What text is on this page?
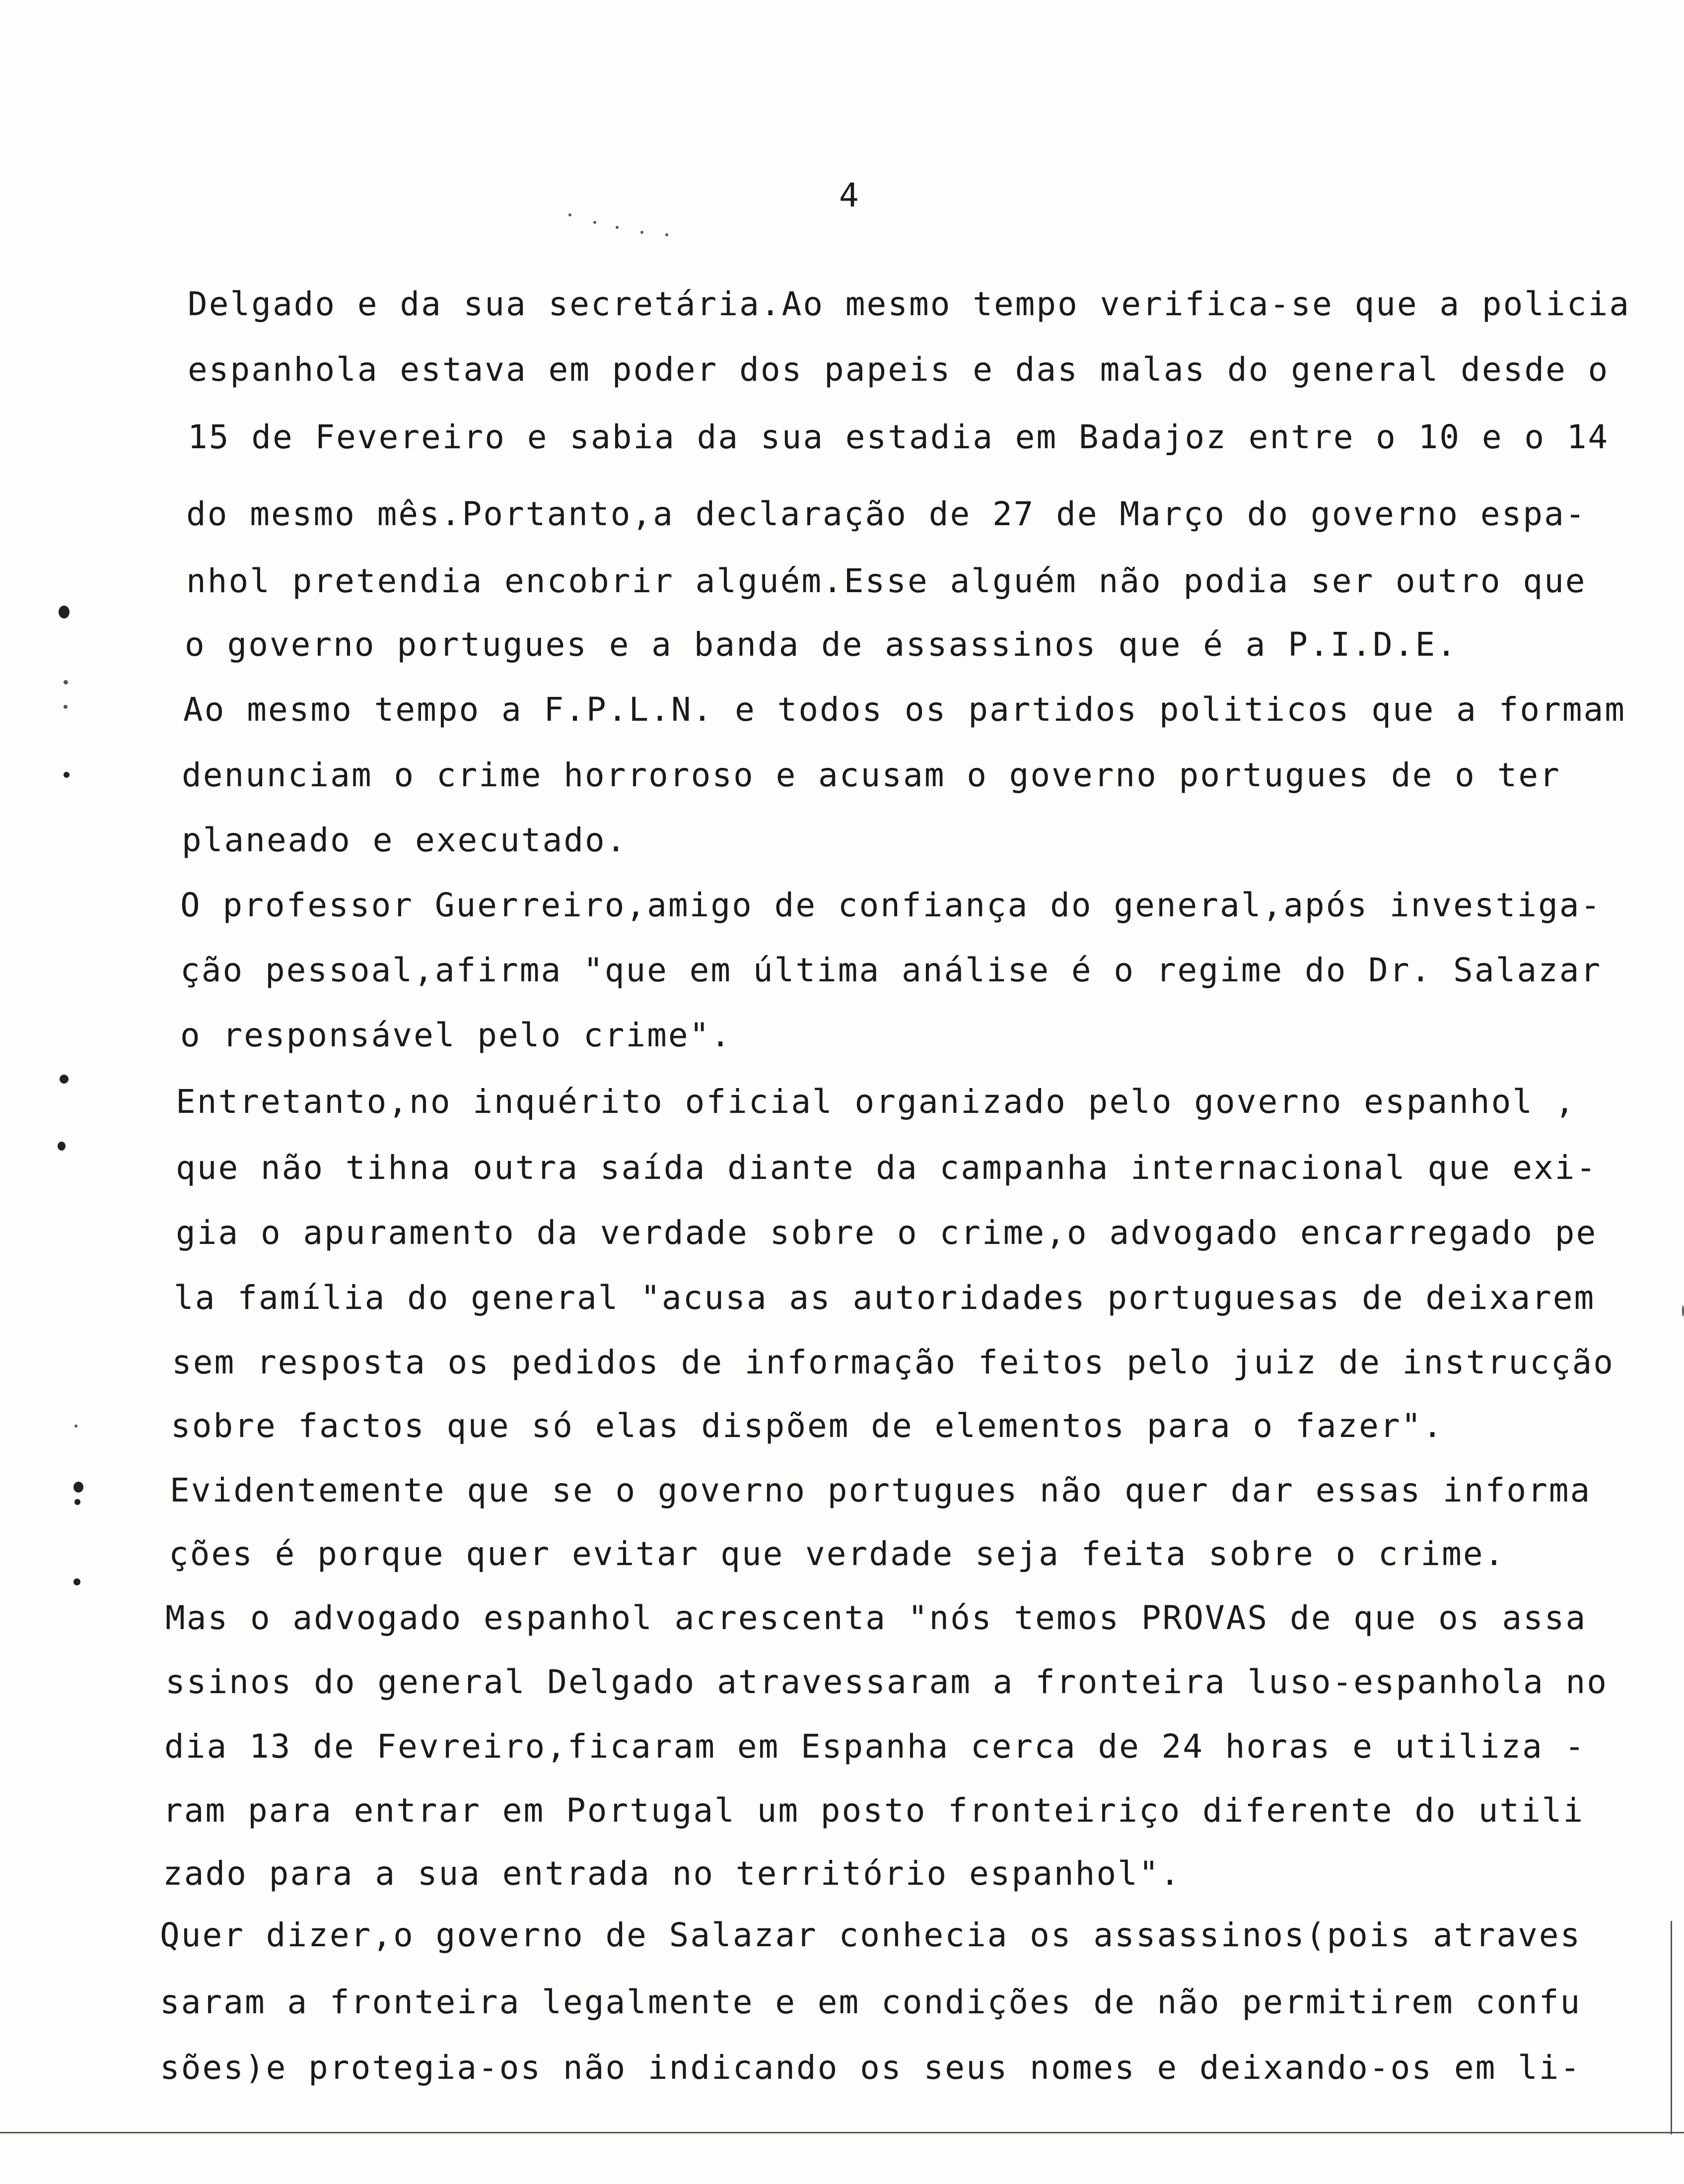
4
Delgado e da sua secretária.Ao mesmo tempo verifica-se que a policia
espanhola estava em poder dos papeis e das malas do general desde o
15 de Fevereiro e sabia da sua estadia em Badajoz entre o 10 e o 14
do mesmo mês.Portanto,a declaração de 27 de Março do governo espa-
nhol pretendia encobrir alguém.Esse alguém não podia ser outro que
o governo portugues e a banda de assassinos que é a P.I.D.E.
Ao mesmo tempo a F.P.L.N. e todos os partidos politicos que a formam
denunciam o crime horroroso e acusam o governo portugues de o ter
planeado e executado.
O professor Guerreiro,amigo de confiança do general,após investiga-
ção pessoal,afirma "que em última análise é o regime do Dr. Salazar
o responsável pelo crime".
Entretanto,no inquérito oficial organizado pelo governo espanhol ,
que não tihna outra saída diante da campanha internacional que exi-
gia o apuramento da verdade sobre o crime,o advogado encarregado pe
la família do general "acusa as autoridades portuguesas de deixarem
sem resposta os pedidos de informação feitos pelo juiz de instrucção
sobre factos que só elas dispõem de elementos para o fazer".
Evidentemente que se o governo portugues não quer dar essas informa
ções é porque quer evitar que verdade seja feita sobre o crime.
Mas o advogado espanhol acrescenta "nós temos PROVAS de que os assa
ssinos do general Delgado atravessaram a fronteira luso-espanhola no
dia 13 de Fevreiro,ficaram em Espanha cerca de 24 horas e utiliza -
ram para entrar em Portugal um posto fronteiriço diferente do utili
zado para a sua entrada no território espanhol".
Quer dizer,o governo de Salazar conhecia os assassinos(pois atraves
saram a fronteira legalmente e em condições de não permitirem confu
sões)e protegia-os não indicando os seus nomes e deixando-os em li-
